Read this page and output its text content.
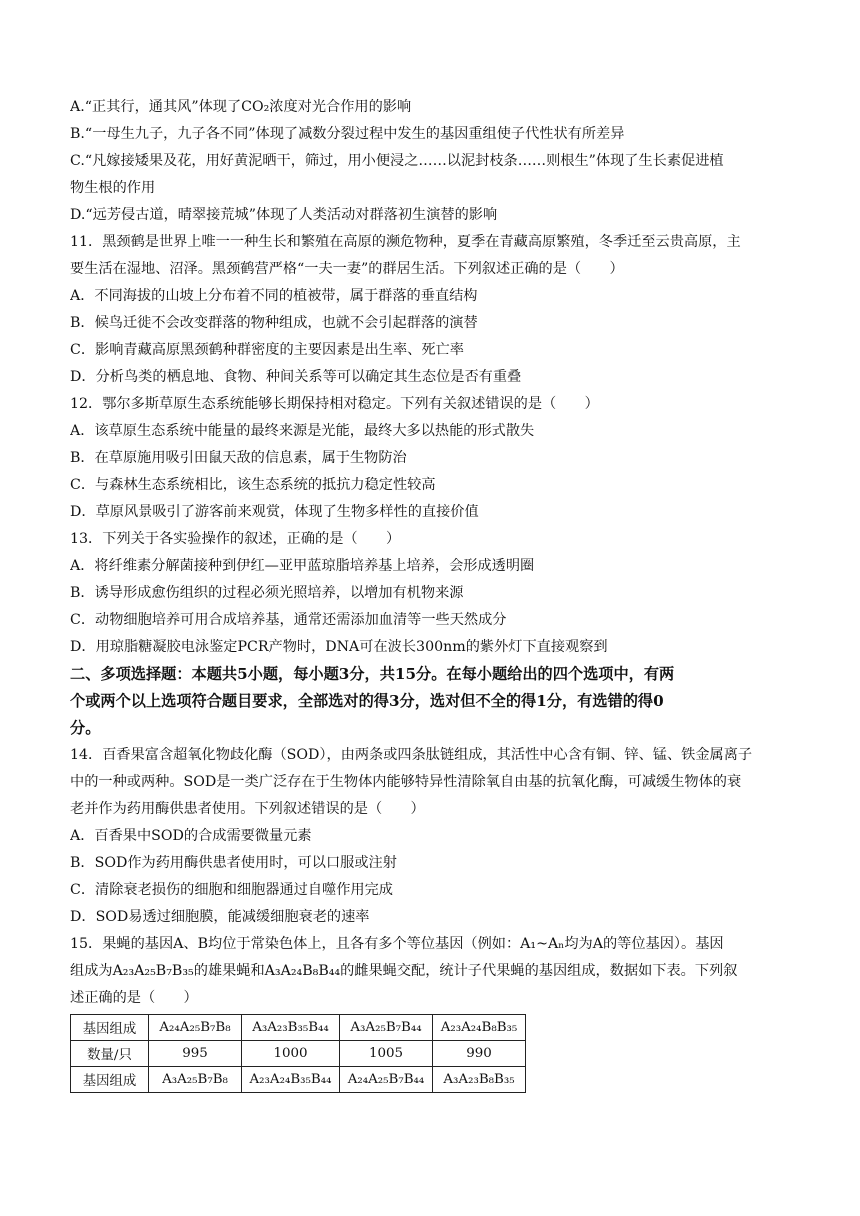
A.“正其行，通其风”体现了CO₂浓度对光合作用的影响
B.“一母生九子，九子各不同”体现了减数分裂过程中发生的基因重组使子代性状有所差异
C.“凡嫁接矮果及花，用好黄泥晒干，筛过，用小便浸之……以泥封枝条……则根生”体现了生长素促进植
物生根的作用
D.“远芳侵古道，晴翠接荒城”体现了人类活动对群落初生演替的影响
11．黑颈鹤是世界上唯一一种生长和繁殖在高原的濒危物种，夏季在青藏高原繁殖，冬季迁至云贵高原，主
要生活在湿地、沼泽。黑颈鹤营严格“一夫一妻”的群居生活。下列叙述正确的是（　　）
A．不同海拔的山坡上分布着不同的植被带，属于群落的垂直结构
B．候鸟迁徙不会改变群落的物种组成，也就不会引起群落的演替
C．影响青藏高原黑颈鹤种群密度的主要因素是出生率、死亡率
D．分析鸟类的栖息地、食物、种间关系等可以确定其生态位是否有重叠
12．鄂尔多斯草原生态系统能够长期保持相对稳定。下列有关叙述错误的是（　　）
A．该草原生态系统中能量的最终来源是光能，最终大多以热能的形式散失
B．在草原施用吸引田鼠天敌的信息素，属于生物防治
C．与森林生态系统相比，该生态系统的抵抗力稳定性较高
D．草原风景吸引了游客前来观赏，体现了生物多样性的直接价值
13．下列关于各实验操作的叙述，正确的是（　　）
A．将纤维素分解菌接种到伊红—亚甲蓝琼脂培养基上培养，会形成透明圈
B．诱导形成愈伤组织的过程必须光照培养，以增加有机物来源
C．动物细胞培养可用合成培养基，通常还需添加血清等一些天然成分
D．用琼脂糖凝胶电泳鉴定PCR产物时，DNA可在波长300nm的紫外灯下直接观察到
二、多项选择题：本题共5小题，每小题3分，共15分。在每小题给出的四个选项中，有两
个或两个以上选项符合题目要求，全部选对的得3分，选对但不全的得1分，有选错的得0
分。
14．百香果富含超氧化物歧化酶（SOD），由两条或四条肽链组成，其活性中心含有铜、锌、锰、铁金属离子
中的一种或两种。SOD是一类广泛存在于生物体内能够特异性清除氧自由基的抗氧化酶，可减缓生物体的衰
老并作为药用酶供患者使用。下列叙述错误的是（　　）
A．百香果中SOD的合成需要微量元素
B．SOD作为药用酶供患者使用时，可以口服或注射
C．清除衰老损伤的细胞和细胞器通过自噬作用完成
D．SOD易透过细胞膜，能减缓细胞衰老的速率
15．果蝇的基因A、B均位于常染色体上，且各有多个等位基因（例如：A₁~Aₙ均为A的等位基因）。基因
组成为A₂₃A₂₅B₇B₃₅的雄果蝇和A₃A₂₄B₈B₄₄的雌果蝇交配，统计子代果蝇的基因组成，数据如下表。下列叙
述正确的是（　　）
基因组成	A₂₄A₂₅B₇B₈	A₃A₂₃B₃₅B₄₄	A₃A₂₅B₇B₄₄	A₂₃A₂₄B₈B₃₅
数量/只	995	1000	1005	990
基因组成	A₃A₂₅B₇B₈	A₂₃A₂₄B₃₅B₄₄	A₂₄A₂₅B₇B₄₄	A₃A₂₃B₈B₃₅
